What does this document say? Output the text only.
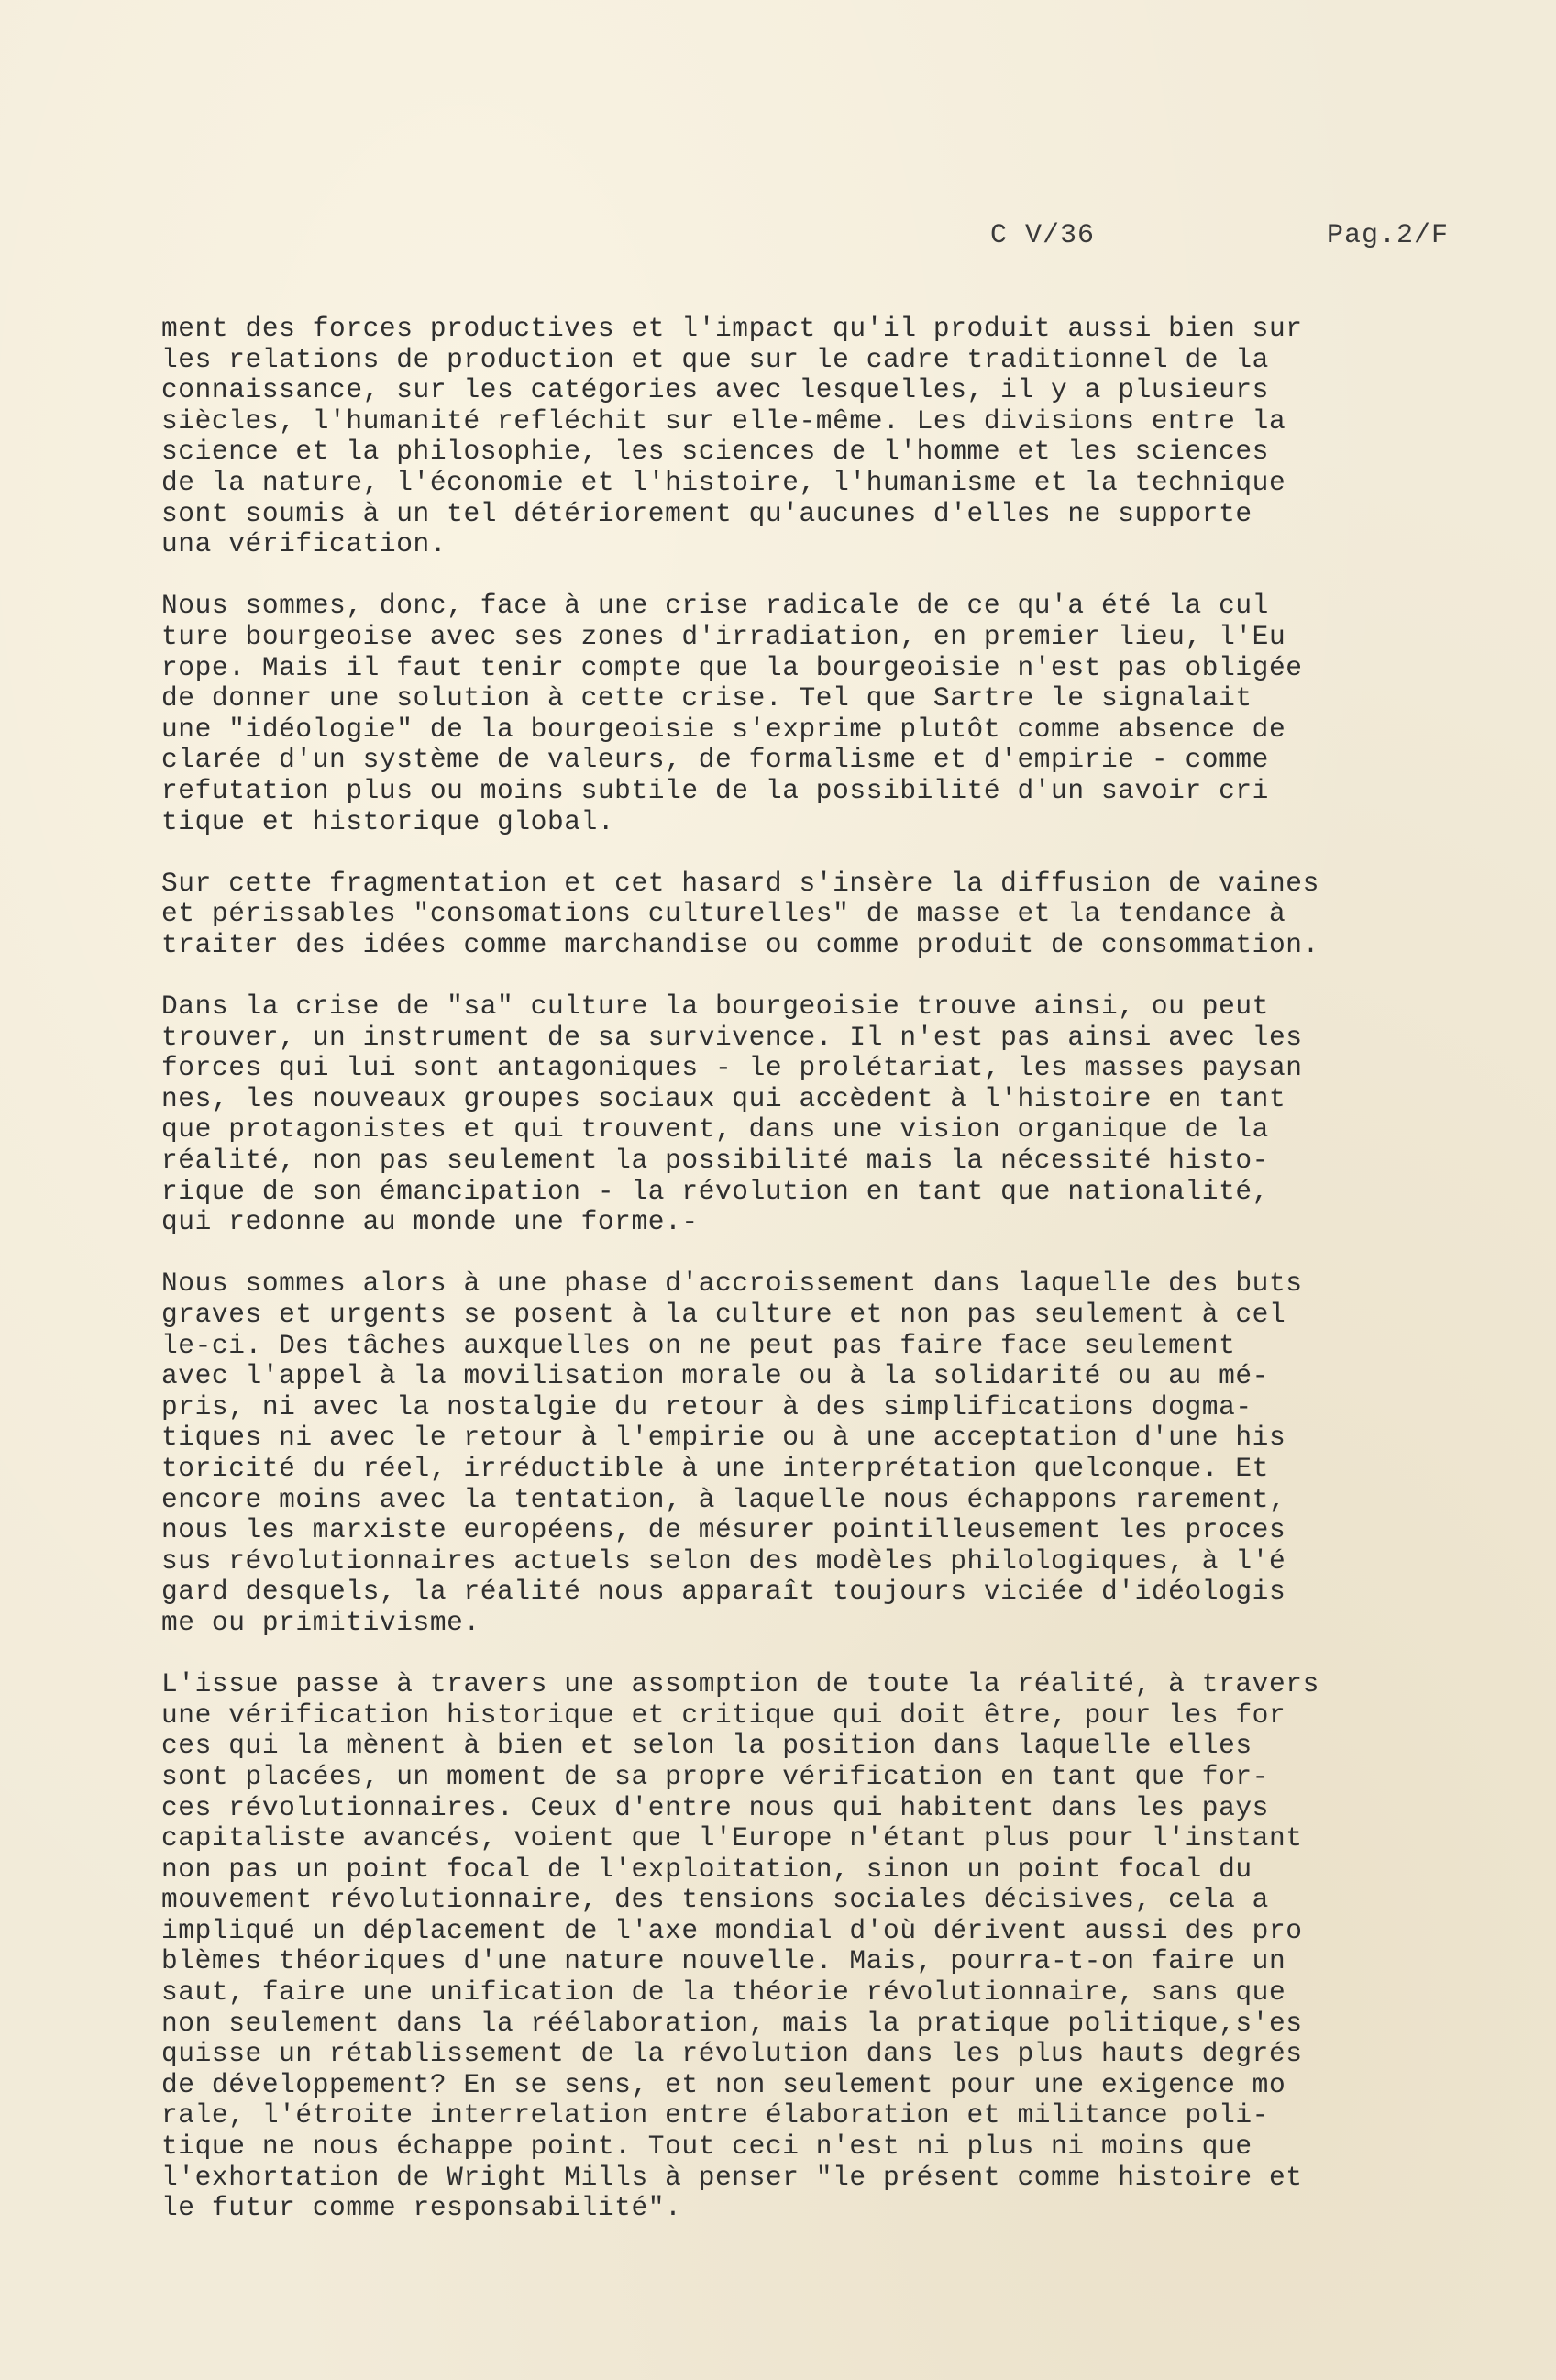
C V/36	Pag.2/F
ment des forces productives et l'impact qu'il produit aussi bien sur
les relations de production et que sur le cadre traditionnel de la
connaissance, sur les catégories avec lesquelles, il y a plusieurs
siècles, l'humanité refléchit sur elle-même. Les divisions entre la
science et la philosophie, les sciences de l'homme et les sciences
de la nature, l'économie et l'histoire, l'humanisme et la technique
sont soumis à un tel détériorement qu'aucunes d'elles ne supporte
una vérification.
Nous sommes, donc, face à une crise radicale de ce qu'a été la cul
ture bourgeoise avec ses zones d'irradiation, en premier lieu, l'Eu
rope. Mais il faut tenir compte que la bourgeoisie n'est pas obligée
de donner une solution à cette crise. Tel que Sartre le signalait
une "idéologie" de la bourgeoisie s'exprime plutôt comme absence de
clarée d'un système de valeurs, de formalisme et d'empirie - comme
refutation plus ou moins subtile de la possibilité d'un savoir cri
tique et historique global.
Sur cette fragmentation et cet hasard s'insère la diffusion de vaines
et périssables "consomations culturelles" de masse et la tendance à
traiter des idées comme marchandise ou comme produit de consommation.
Dans la crise de "sa" culture la bourgeoisie trouve ainsi, ou peut
trouver, un instrument de sa survivence. Il n'est pas ainsi avec les
forces qui lui sont antagoniques - le prolétariat, les masses paysan
nes, les nouveaux groupes sociaux qui accèdent à l'histoire en tant
que protagonistes et qui trouvent, dans une vision organique de la
réalité, non pas seulement la possibilité mais la nécessité histo-
rique de son émancipation - la révolution en tant que nationalité,
qui redonne au monde une forme.-
Nous sommes alors à une phase d'accroissement dans laquelle des buts
graves et urgents se posent à la culture et non pas seulement à cel
le-ci. Des tâches auxquelles on ne peut pas faire face seulement
avec l'appel à la movilisation morale ou à la solidarité ou au mé-
pris, ni avec la nostalgie du retour à des simplifications dogma-
tiques ni avec le retour à l'empirie ou à une acceptation d'une his
toricité du réel, irréductible à une interprétation quelconque. Et
encore moins avec la tentation, à laquelle nous échappons rarement,
nous les marxiste européens, de mésurer pointilleusement les proces
sus révolutionnaires actuels selon des modèles philologiques, à l'é
gard desquels, la réalité nous apparaît toujours viciée d'idéologis
me ou primitivisme.
L'issue passe à travers une assomption de toute la réalité, à travers
une vérification historique et critique qui doit être, pour les for
ces qui la mènent à bien et selon la position dans laquelle elles
sont placées, un moment de sa propre vérification en tant que for-
ces révolutionnaires. Ceux d'entre nous qui habitent dans les pays
capitaliste avancés, voient que l'Europe n'étant plus pour l'instant
non pas un point focal de l'exploitation, sinon un point focal du
mouvement révolutionnaire, des tensions sociales décisives, cela a
impliqué un déplacement de l'axe mondial d'où dérivent aussi des pro
blèmes théoriques d'une nature nouvelle. Mais, pourra-t-on faire un
saut, faire une unification de la théorie révolutionnaire, sans que
non seulement dans la réélaboration, mais la pratique politique,s'es
quisse un rétablissement de la révolution dans les plus hauts degrés
de développement? En se sens, et non seulement pour une exigence mo
rale, l'étroite interrelation entre élaboration et militance poli-
tique ne nous échappe point. Tout ceci n'est ni plus ni moins que
l'exhortation de Wright Mills à penser "le présent comme histoire et
le futur comme responsabilité".
